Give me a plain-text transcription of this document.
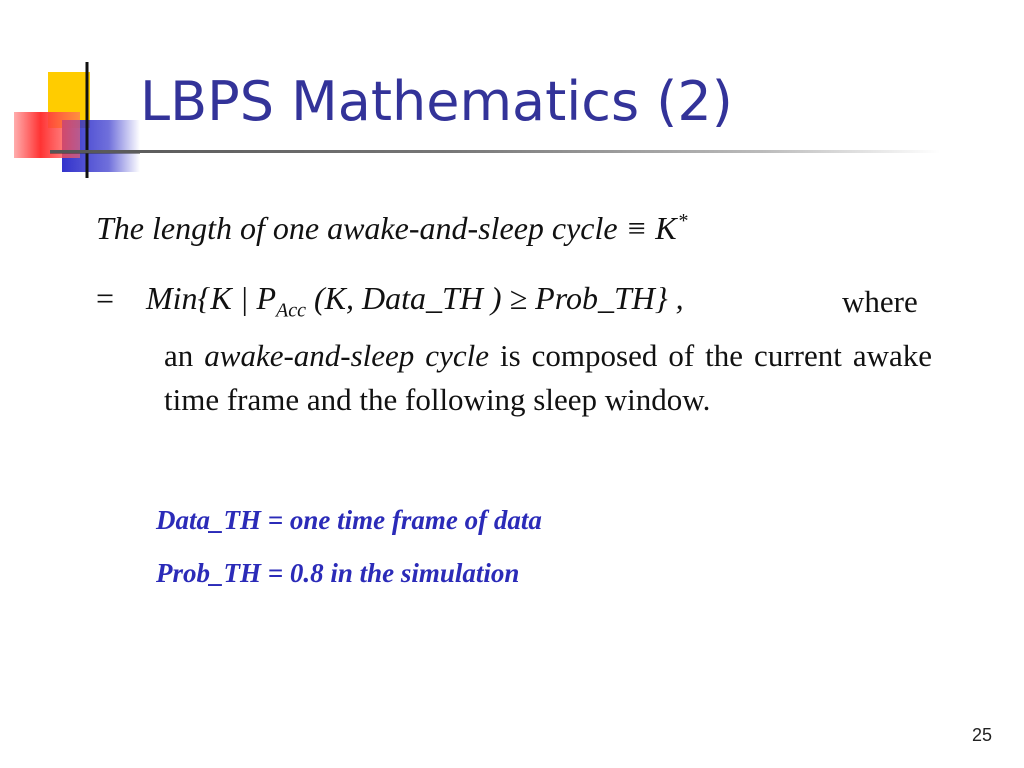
LBPS Mathematics (2)
The length of one awake-and-sleep cycle ≡ K *
= Min{K | $P_{Acc}$ (K, Data_TH ) ≥ Prob_TH} ,	where

an awake-and-sleep cycle is composed of the current awake time frame and the following sleep window.

Data_TH = one time frame of data
Prob_TH = 0.8 in the simulation
25
